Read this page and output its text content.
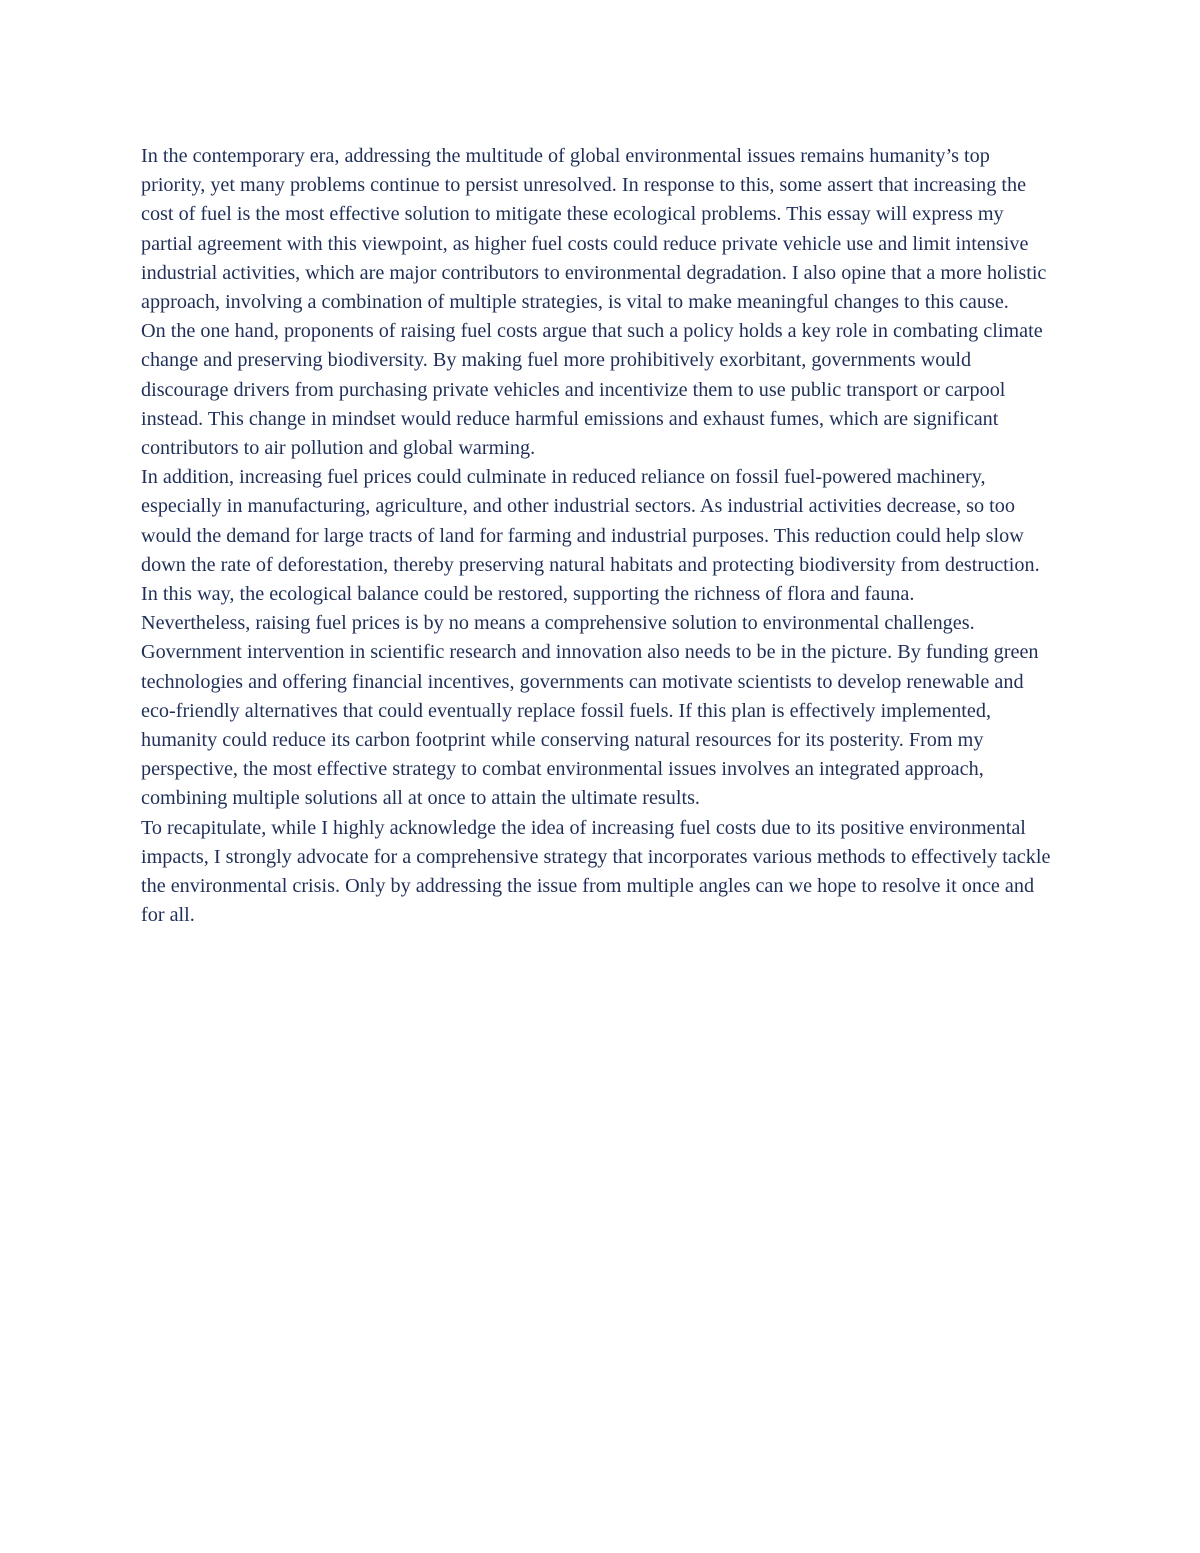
In the contemporary era, addressing the multitude of global environmental issues remains humanity’s top priority, yet many problems continue to persist unresolved. In response to this, some assert that increasing the cost of fuel is the most effective solution to mitigate these ecological problems. This essay will express my partial agreement with this viewpoint, as higher fuel costs could reduce private vehicle use and limit intensive industrial activities, which are major contributors to environmental degradation. I also opine that a more holistic approach, involving a combination of multiple strategies, is vital to make meaningful changes to this cause.

On the one hand, proponents of raising fuel costs argue that such a policy holds a key role in combating climate change and preserving biodiversity. By making fuel more prohibitively exorbitant, governments would discourage drivers from purchasing private vehicles and incentivize them to use public transport or carpool instead. This change in mindset would reduce harmful emissions and exhaust fumes, which are significant contributors to air pollution and global warming.

In addition, increasing fuel prices could culminate in reduced reliance on fossil fuel-powered machinery, especially in manufacturing, agriculture, and other industrial sectors. As industrial activities decrease, so too would the demand for large tracts of land for farming and industrial purposes. This reduction could help slow down the rate of deforestation, thereby preserving natural habitats and protecting biodiversity from destruction. In this way, the ecological balance could be restored, supporting the richness of flora and fauna.

Nevertheless, raising fuel prices is by no means a comprehensive solution to environmental challenges. Government intervention in scientific research and innovation also needs to be in the picture. By funding green technologies and offering financial incentives, governments can motivate scientists to develop renewable and eco-friendly alternatives that could eventually replace fossil fuels. If this plan is effectively implemented, humanity could reduce its carbon footprint while conserving natural resources for its posterity. From my perspective, the most effective strategy to combat environmental issues involves an integrated approach, combining multiple solutions all at once to attain the ultimate results.

To recapitulate, while I highly acknowledge the idea of increasing fuel costs due to its positive environmental impacts, I strongly advocate for a comprehensive strategy that incorporates various methods to effectively tackle the environmental crisis. Only by addressing the issue from multiple angles can we hope to resolve it once and for all.
